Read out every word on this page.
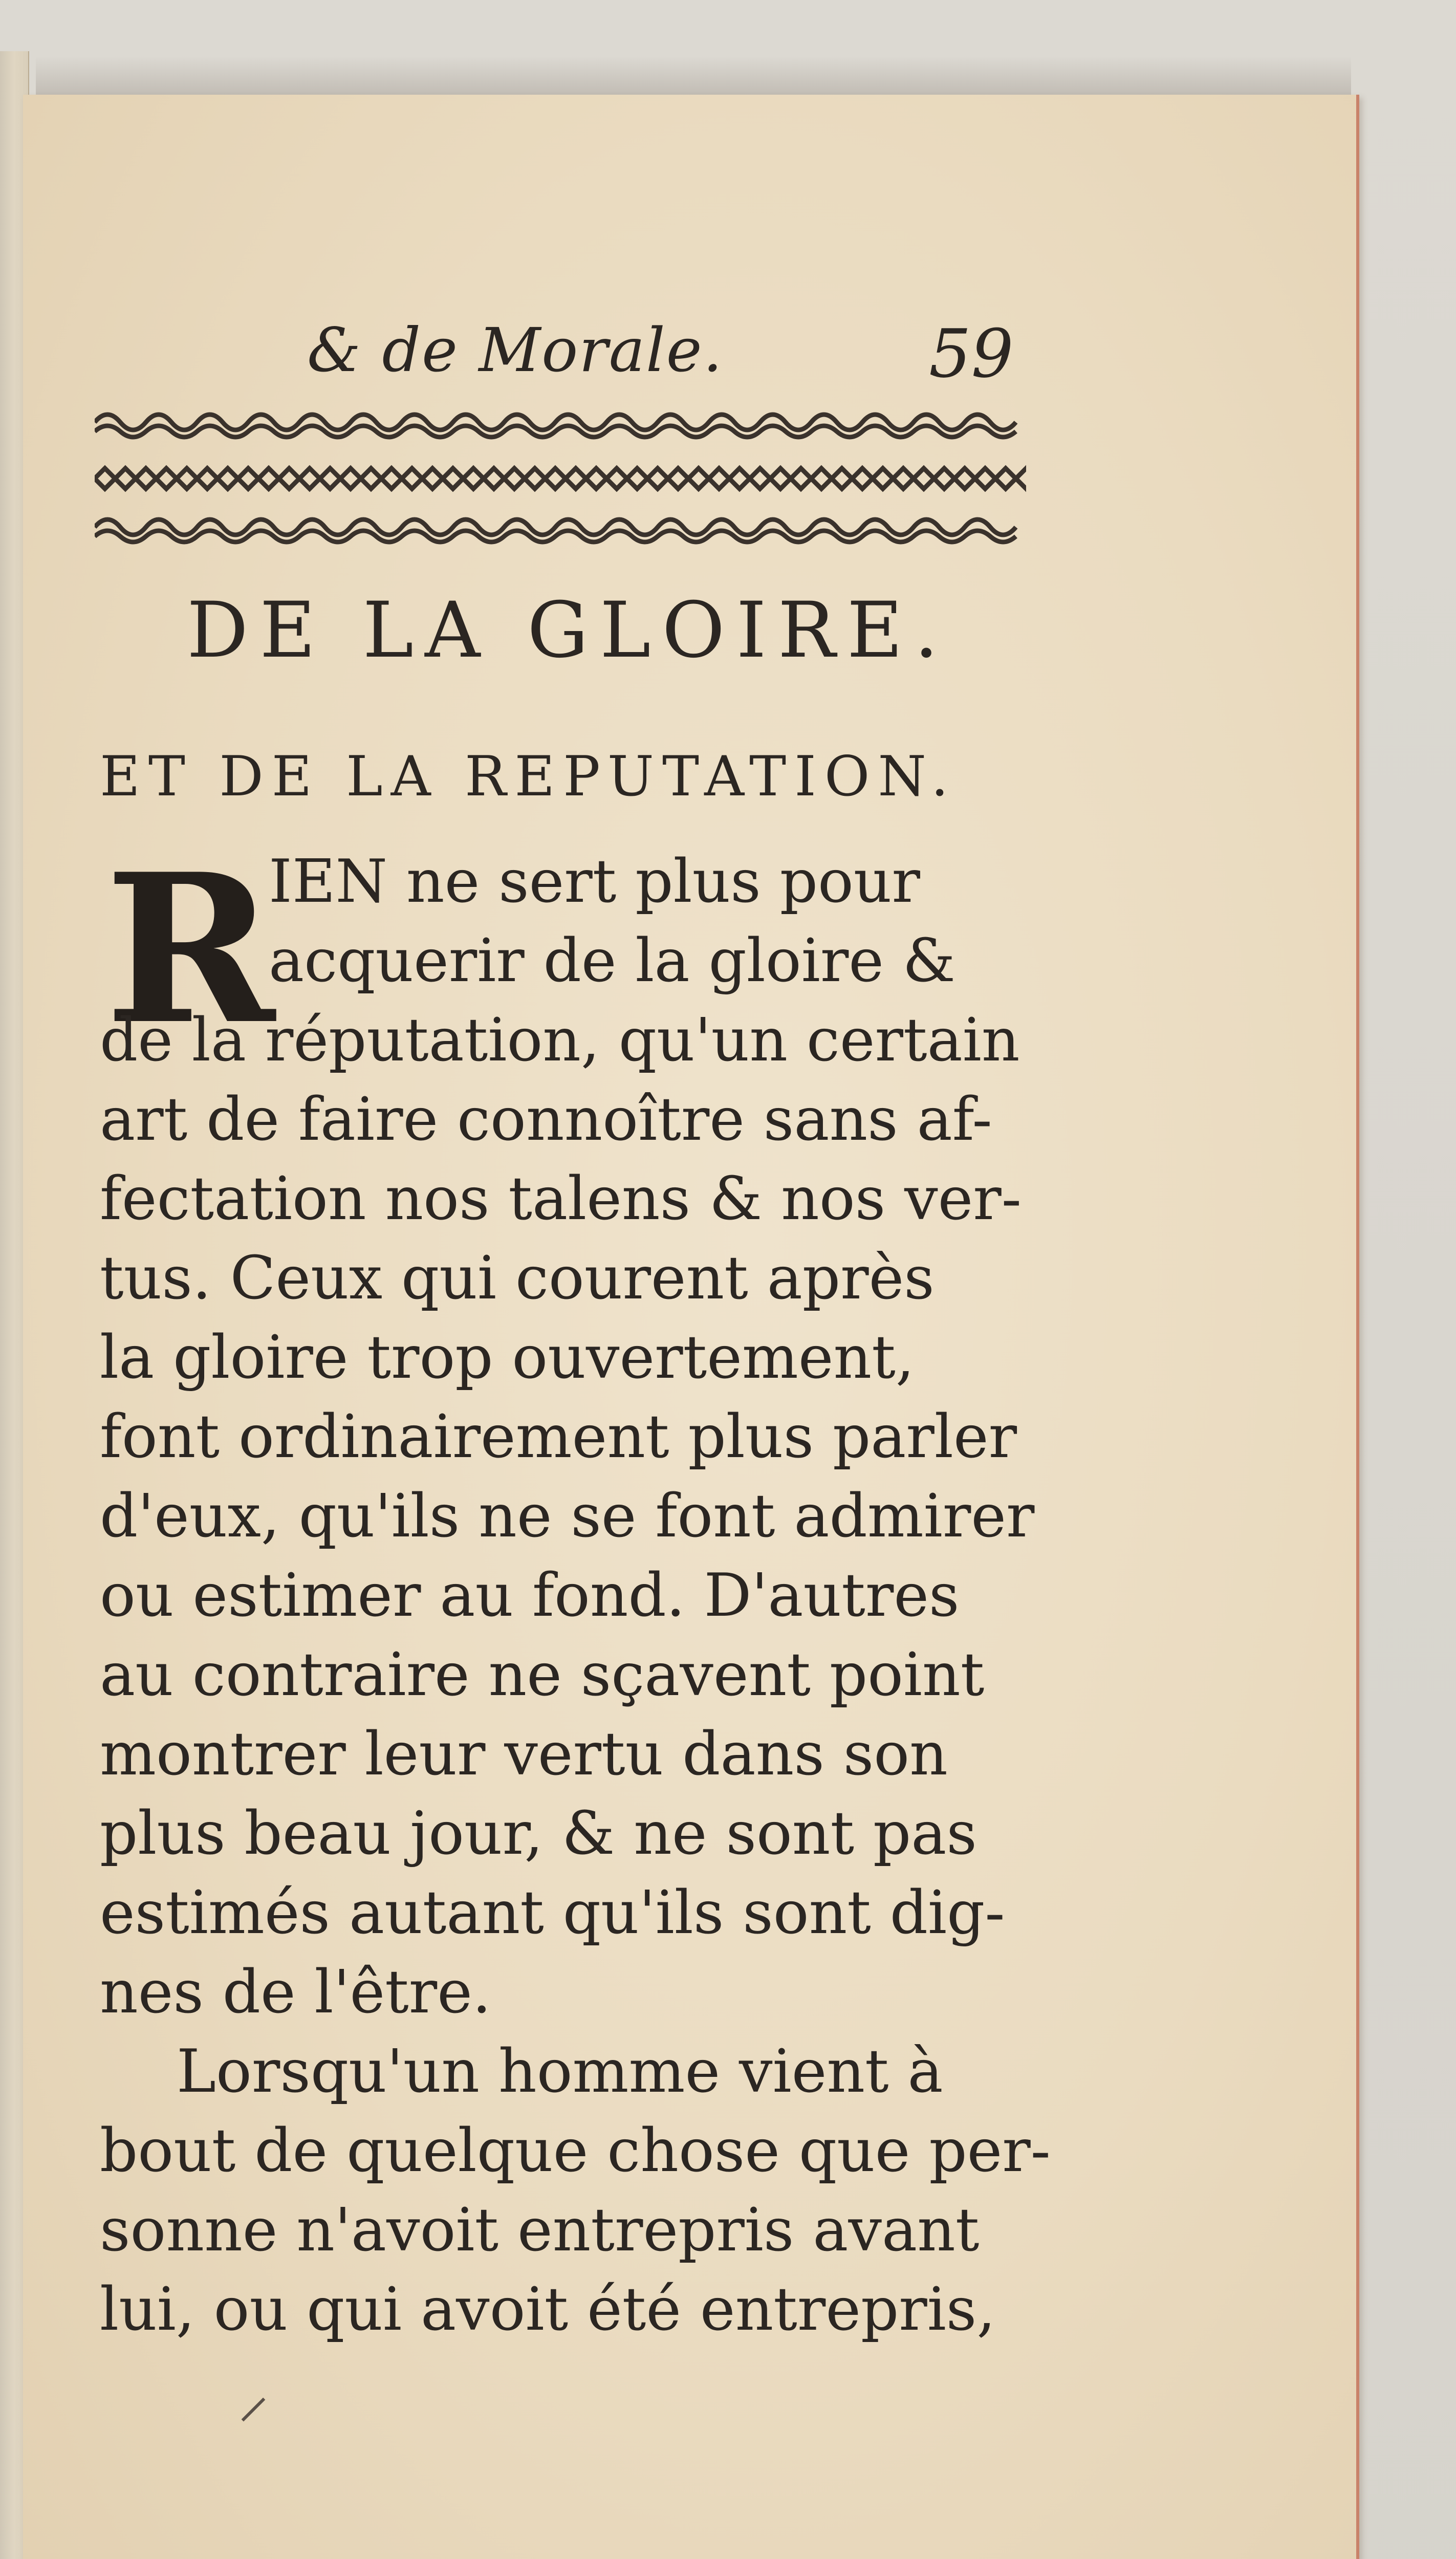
& de Morale.	59
DE LA GLOIRE.
ET DE LA REPUTATION.
R
IEN ne sert plus pour
acquerir de la gloire &
de la réputation, qu'un certain
art de faire connoître sans af-
fectation nos talens & nos ver-
tus. Ceux qui courent après
la gloire trop ouvertement,
font ordinairement plus parler
d'eux, qu'ils ne se font admirer
ou estimer au fond. D'autres
au contraire ne sçavent point
montrer leur vertu dans son
plus beau jour, & ne sont pas
estimés autant qu'ils sont dig-
nes de l'être.
Lorsqu'un homme vient à
bout de quelque chose que per-
sonne n'avoit entrepris avant
lui, ou qui avoit été entrepris,
